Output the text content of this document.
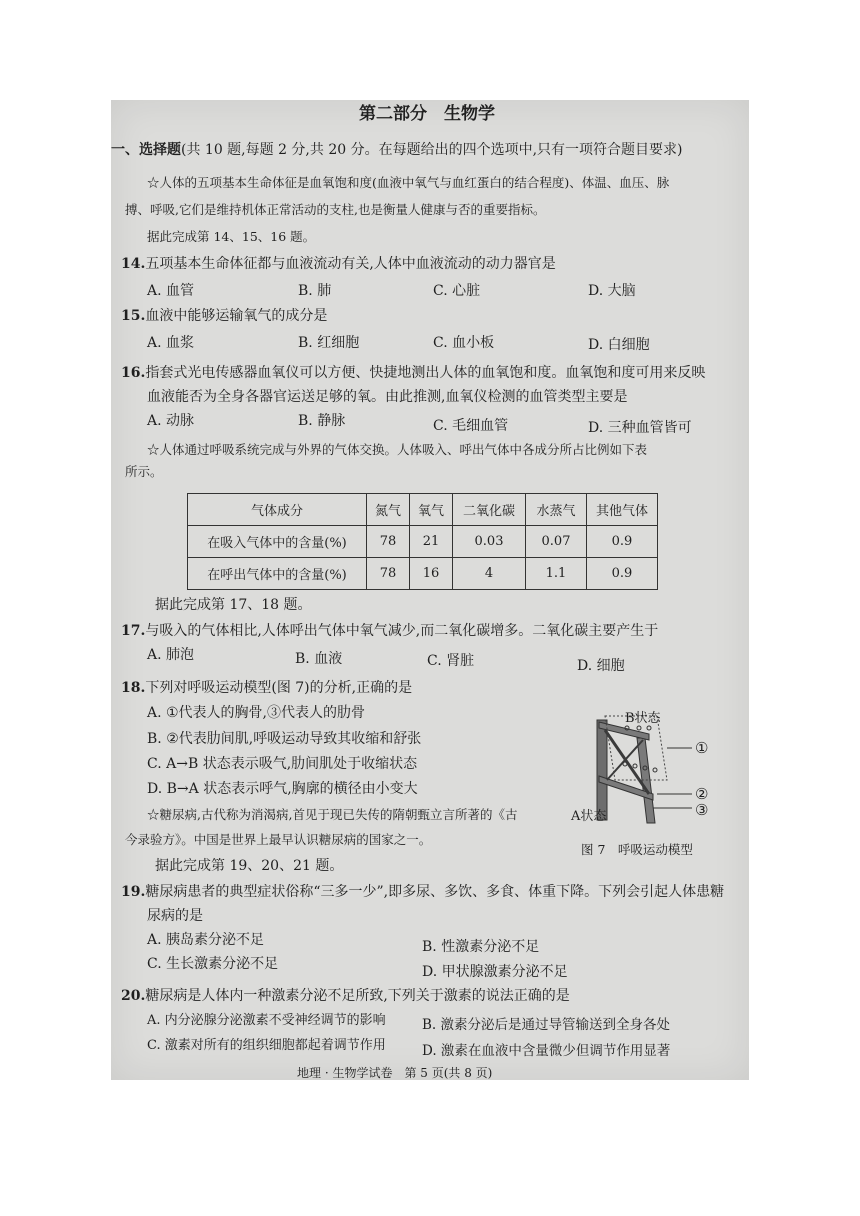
第二部分　生物学
一、选择题(共 10 题,每题 2 分,共 20 分。在每题给出的四个选项中,只有一项符合题目要求)
☆人体的五项基本生命体征是血氧饱和度(血液中氧气与血红蛋白的结合程度)、体温、血压、脉
搏、呼吸,它们是维持机体正常活动的支柱,也是衡量人健康与否的重要指标。
据此完成第 14、15、16 题。
14.五项基本生命体征都与血液流动有关,人体中血液流动的动力器官是
A. 血管	B. 肺	C. 心脏	D. 大脑
15.血液中能够运输氧气的成分是
A. 血浆	B. 红细胞	C. 血小板	D. 白细胞
16.指套式光电传感器血氧仪可以方便、快捷地测出人体的血氧饱和度。血氧饱和度可用来反映
血液能否为全身各器官运送足够的氧。由此推测,血氧仪检测的血管类型主要是
A. 动脉	B. 静脉	C. 毛细血管	D. 三种血管皆可
☆人体通过呼吸系统完成与外界的气体交换。人体吸入、呼出气体中各成分所占比例如下表
所示。
气体成分	氮气	氧气	二氧化碳	水蒸气	其他气体
在吸入气体中的含量(%)	78	21	0.03	0.07	0.9
在呼出气体中的含量(%)	78	16	4	1.1	0.9
据此完成第 17、18 题。
17.与吸入的气体相比,人体呼出气体中氧气减少,而二氧化碳增多。二氧化碳主要产生于
A. 肺泡	B. 血液	C. 肾脏	D. 细胞
18.下列对呼吸运动模型(图 7)的分析,正确的是
A. ①代表人的胸骨,③代表人的肋骨
B. ②代表肋间肌,呼吸运动导致其收缩和舒张
C. A→B 状态表示吸气,肋间肌处于收缩状态
D. B→A 状态表示呼气,胸廓的横径由小变大
B状态
A状态
①
②
③
图 7　呼吸运动模型
☆糖尿病,古代称为消渴病,首见于现已失传的隋朝甄立言所著的《古
今录验方》。中国是世界上最早认识糖尿病的国家之一。
据此完成第 19、20、21 题。
19.糖尿病患者的典型症状俗称“三多一少”,即多尿、多饮、多食、体重下降。下列会引起人体患糖
尿病的是
A. 胰岛素分泌不足	B. 性激素分泌不足
C. 生长激素分泌不足	D. 甲状腺激素分泌不足
20.糖尿病是人体内一种激素分泌不足所致,下列关于激素的说法正确的是
A. 内分泌腺分泌激素不受神经调节的影响	B. 激素分泌后是通过导管输送到全身各处
C. 激素对所有的组织细胞都起着调节作用	D. 激素在血液中含量微少但调节作用显著
地理 · 生物学试卷　第 5 页(共 8 页)
